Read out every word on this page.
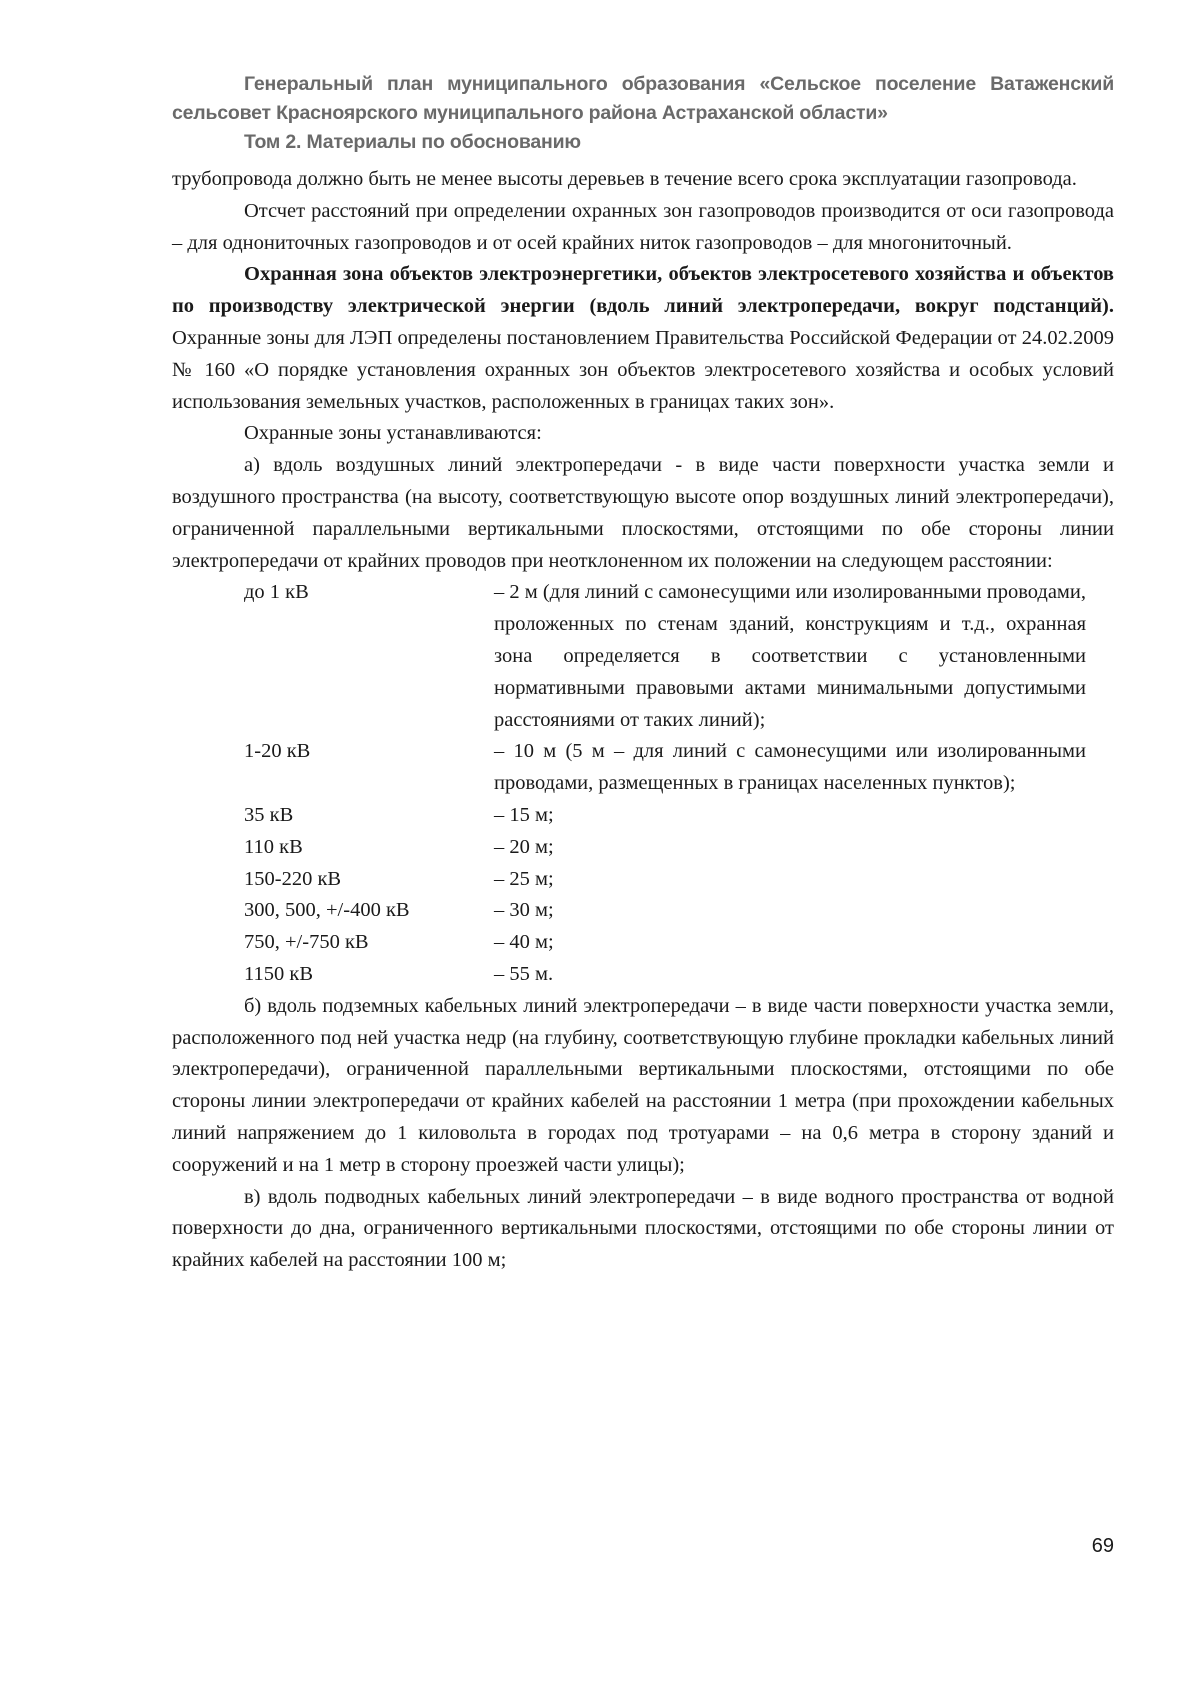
Генеральный план муниципального образования «Сельское поселение Ватаженский
сельсовет Красноярского муниципального района Астраханской области»
Том 2. Материалы по обоснованию

трубопровода должно быть не менее высоты деревьев в течение всего срока эксплуатации газопровода.

Отсчет расстояний при определении охранных зон газопроводов производится от оси газопровода – для однониточных газопроводов и от осей крайних ниток газопроводов – для многониточный.

Охранная зона объектов электроэнергетики, объектов электросетевого хозяйства и объектов по производству электрической энергии (вдоль линий электропередачи, вокруг подстанций). Охранные зоны для ЛЭП определены постановлением Правительства Российской Федерации от 24.02.2009 № 160 «О порядке установления охранных зон объектов электросетевого хозяйства и особых условий использования земельных участков, расположенных в границах таких зон».

Охранные зоны устанавливаются:

а) вдоль воздушных линий электропередачи - в виде части поверхности участка земли и воздушного пространства (на высоту, соответствующую высоте опор воздушных линий электропередачи), ограниченной параллельными вертикальными плоскостями, отстоящими по обе стороны линии электропередачи от крайних проводов при неотклоненном их положении на следующем расстоянии:

до 1 кВ	– 2 м (для линий с самонесущими или изолированными проводами, проложенных по стенам зданий, конструкциям и т.д., охранная зона определяется в соответствии с установленными нормативными правовыми актами минимальными допустимыми расстояниями от таких линий);
1-20 кВ	– 10 м (5 м – для линий с самонесущими или изолированными проводами, размещенных в границах населенных пунктов);
35 кВ	– 15 м;
110 кВ	– 20 м;
150-220 кВ	– 25 м;
300, 500, +/-400 кВ	– 30 м;
750, +/-750 кВ	– 40 м;
1150 кВ	– 55 м.

б) вдоль подземных кабельных линий электропередачи – в виде части поверхности участка земли, расположенного под ней участка недр (на глубину, соответствующую глубине прокладки кабельных линий электропередачи), ограниченной параллельными вертикальными плоскостями, отстоящими по обе стороны линии электропередачи от крайних кабелей на расстоянии 1 метра (при прохождении кабельных линий напряжением до 1 киловольта в городах под тротуарами – на 0,6 метра в сторону зданий и сооружений и на 1 метр в сторону проезжей части улицы);

в) вдоль подводных кабельных линий электропередачи – в виде водного пространства от водной поверхности до дна, ограниченного вертикальными плоскостями, отстоящими по обе стороны линии от крайних кабелей на расстоянии 100 м;

69
